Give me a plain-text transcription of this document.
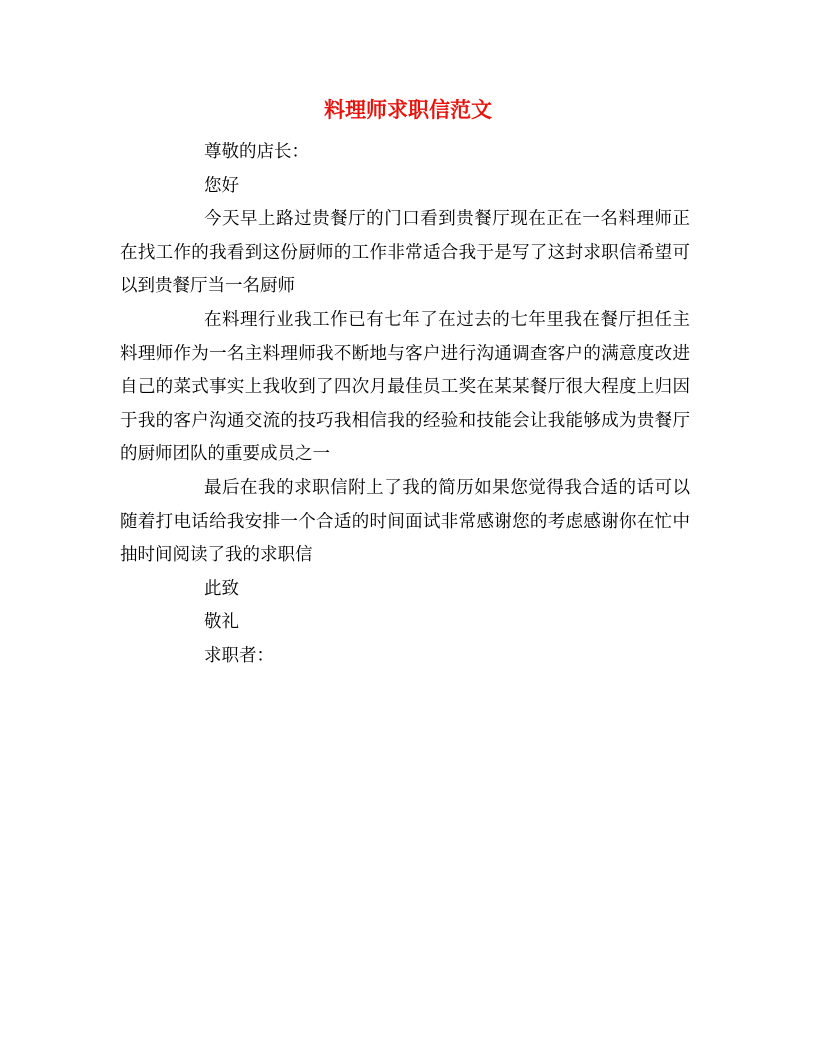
料理师求职信范文
尊敬的店长：
您好
今天早上路过贵餐厅的门口看到贵餐厅现在正在一名料理师正在找工作的我看到这份厨师的工作非常适合我于是写了这封求职信希望可以到贵餐厅当一名厨师
在料理行业我工作已有七年了在过去的七年里我在餐厅担任主料理师作为一名主料理师我不断地与客户进行沟通调查客户的满意度改进自己的菜式事实上我收到了四次月最佳员工奖在某某餐厅很大程度上归因于我的客户沟通交流的技巧我相信我的经验和技能会让我能够成为贵餐厅的厨师团队的重要成员之一
最后在我的求职信附上了我的简历如果您觉得我合适的话可以随着打电话给我安排一个合适的时间面试非常感谢您的考虑感谢你在忙中抽时间阅读了我的求职信
此致
敬礼
求职者：
